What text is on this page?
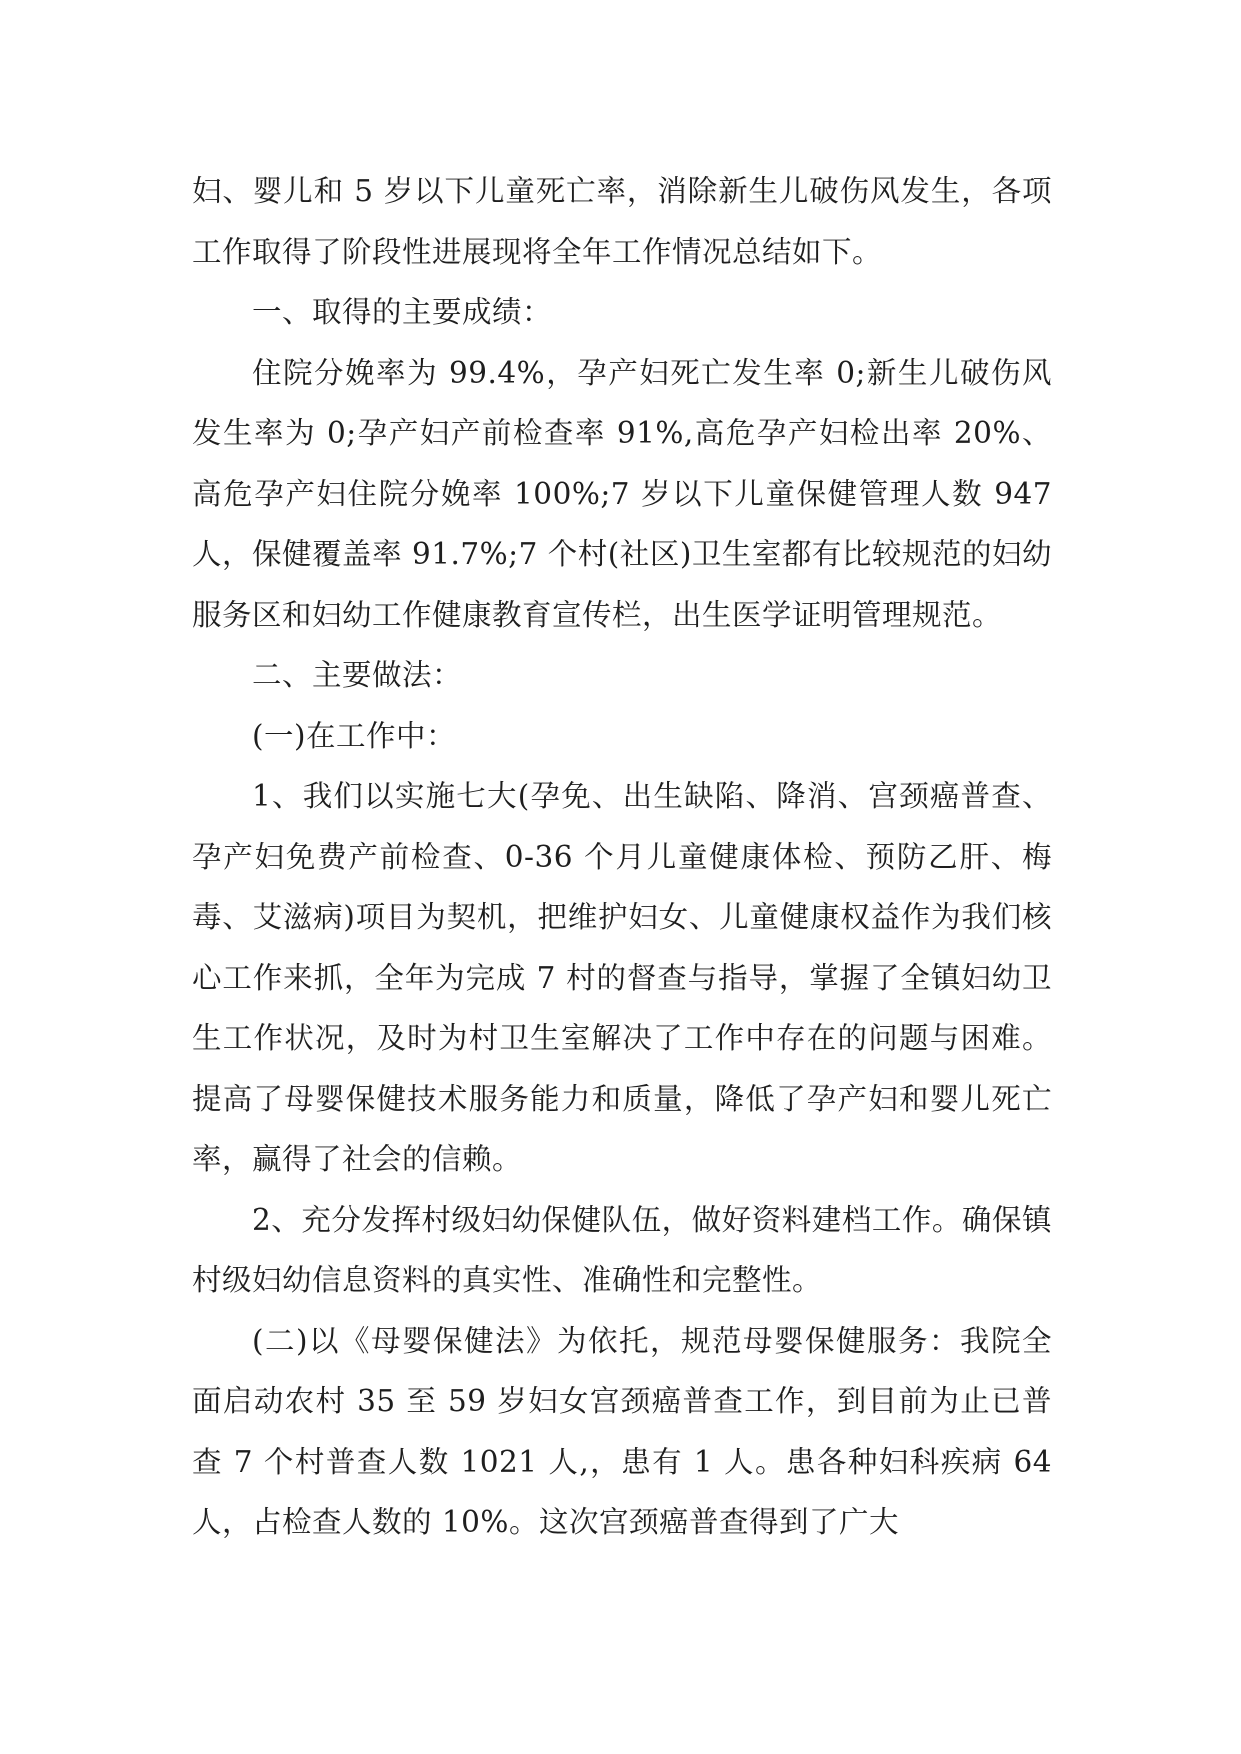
妇、婴儿和 5 岁以下儿童死亡率，消除新生儿破伤风发生，各项工作取得了阶段性进展现将全年工作情况总结如下。

一、取得的主要成绩：

住院分娩率为 99.4%，孕产妇死亡发生率 0;新生儿破伤风发生率为 0;孕产妇产前检查率 91%,高危孕产妇检出率 20%、高危孕产妇住院分娩率 100%;7 岁以下儿童保健管理人数 947 人，保健覆盖率 91.7%;7 个村(社区)卫生室都有比较规范的妇幼服务区和妇幼工作健康教育宣传栏，出生医学证明管理规范。

二、主要做法：

(一)在工作中：

1、我们以实施七大(孕免、出生缺陷、降消、宫颈癌普查、孕产妇免费产前检查、0-36 个月儿童健康体检、预防乙肝、梅毒、艾滋病)项目为契机，把维护妇女、儿童健康权益作为我们核心工作来抓，全年为完成 7 村的督查与指导，掌握了全镇妇幼卫生工作状况，及时为村卫生室解决了工作中存在的问题与困难。提高了母婴保健技术服务能力和质量，降低了孕产妇和婴儿死亡率，赢得了社会的信赖。

2、充分发挥村级妇幼保健队伍，做好资料建档工作。确保镇村级妇幼信息资料的真实性、准确性和完整性。

(二)以《母婴保健法》为依托，规范母婴保健服务：我院全面启动农村 35 至 59 岁妇女宫颈癌普查工作，到目前为止已普查 7 个村普查人数 1021 人,，患有 1 人。患各种妇科疾病 64 人，占检查人数的 10%。这次宫颈癌普查得到了广大
